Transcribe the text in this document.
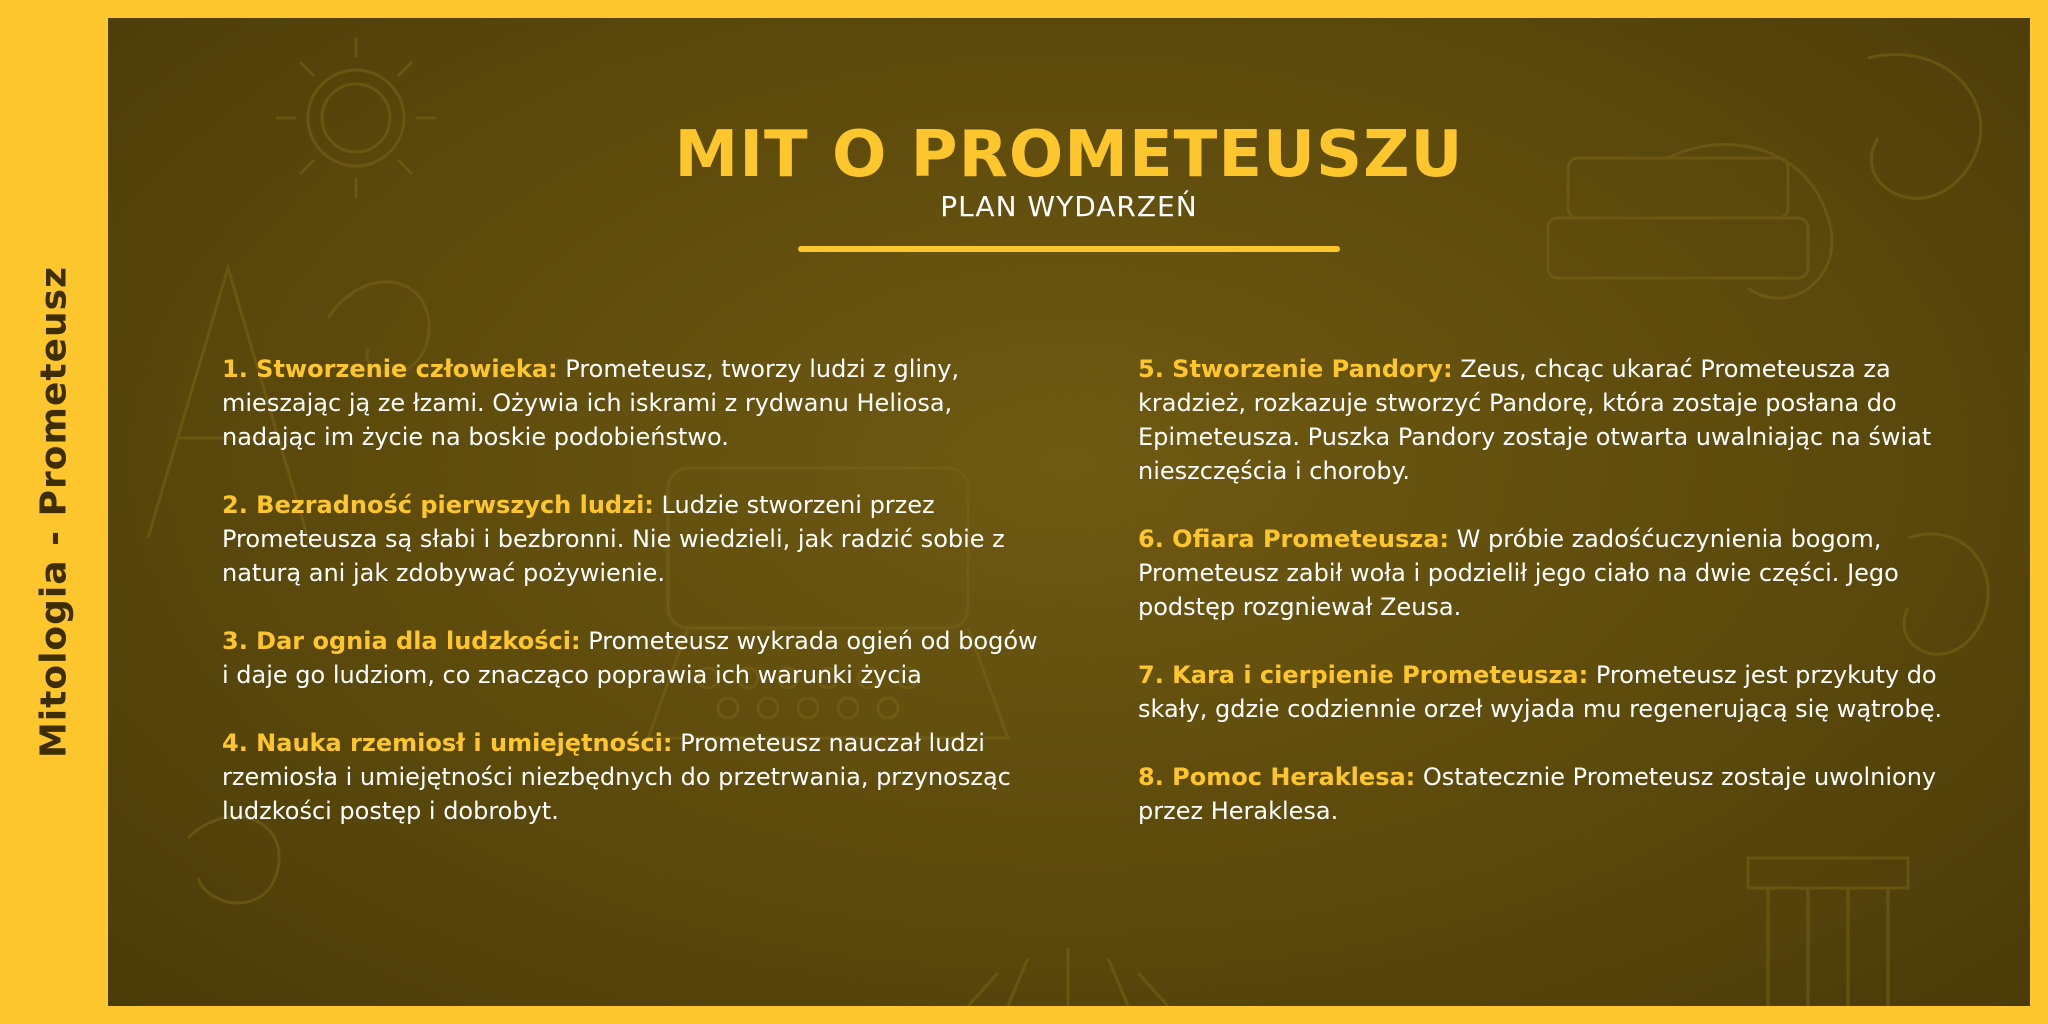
Mitologia - Prometeusz
MIT O PROMETEUSZU
PLAN WYDARZEŃ

1. Stworzenie człowieka: Prometeusz, tworzy ludzi z gliny, mieszając ją ze łzami. Ożywia ich iskrami z rydwanu Heliosa, nadając im życie na boskie podobieństwo.

2. Bezradność pierwszych ludzi: Ludzie stworzeni przez Prometeusza są słabi i bezbronni. Nie wiedzieli, jak radzić sobie z naturą ani jak zdobywać pożywienie.

3. Dar ognia dla ludzkości: Prometeusz wykrada ogień od bogów i daje go ludziom, co znacząco poprawia ich warunki życia

4. Nauka rzemiosł i umiejętności: Prometeusz nauczał ludzi rzemiosła i umiejętności niezbędnych do przetrwania, przynosząc ludzkości postęp i dobrobyt.

5. Stworzenie Pandory: Zeus, chcąc ukarać Prometeusza za kradzież, rozkazuje stworzyć Pandorę, która zostaje posłana do Epimeteusza. Puszka Pandory zostaje otwarta uwalniając na świat nieszczęścia i choroby.

6. Ofiara Prometeusza: W próbie zadośćuczynienia bogom, Prometeusz zabił woła i podzielił jego ciało na dwie części. Jego podstęp rozgniewał Zeusa.

7. Kara i cierpienie Prometeusza: Prometeusz jest przykuty do skały, gdzie codziennie orzeł wyjada mu regenerującą się wątrobę.

8. Pomoc Heraklesa: Ostatecznie Prometeusz zostaje uwolniony przez Heraklesa.
